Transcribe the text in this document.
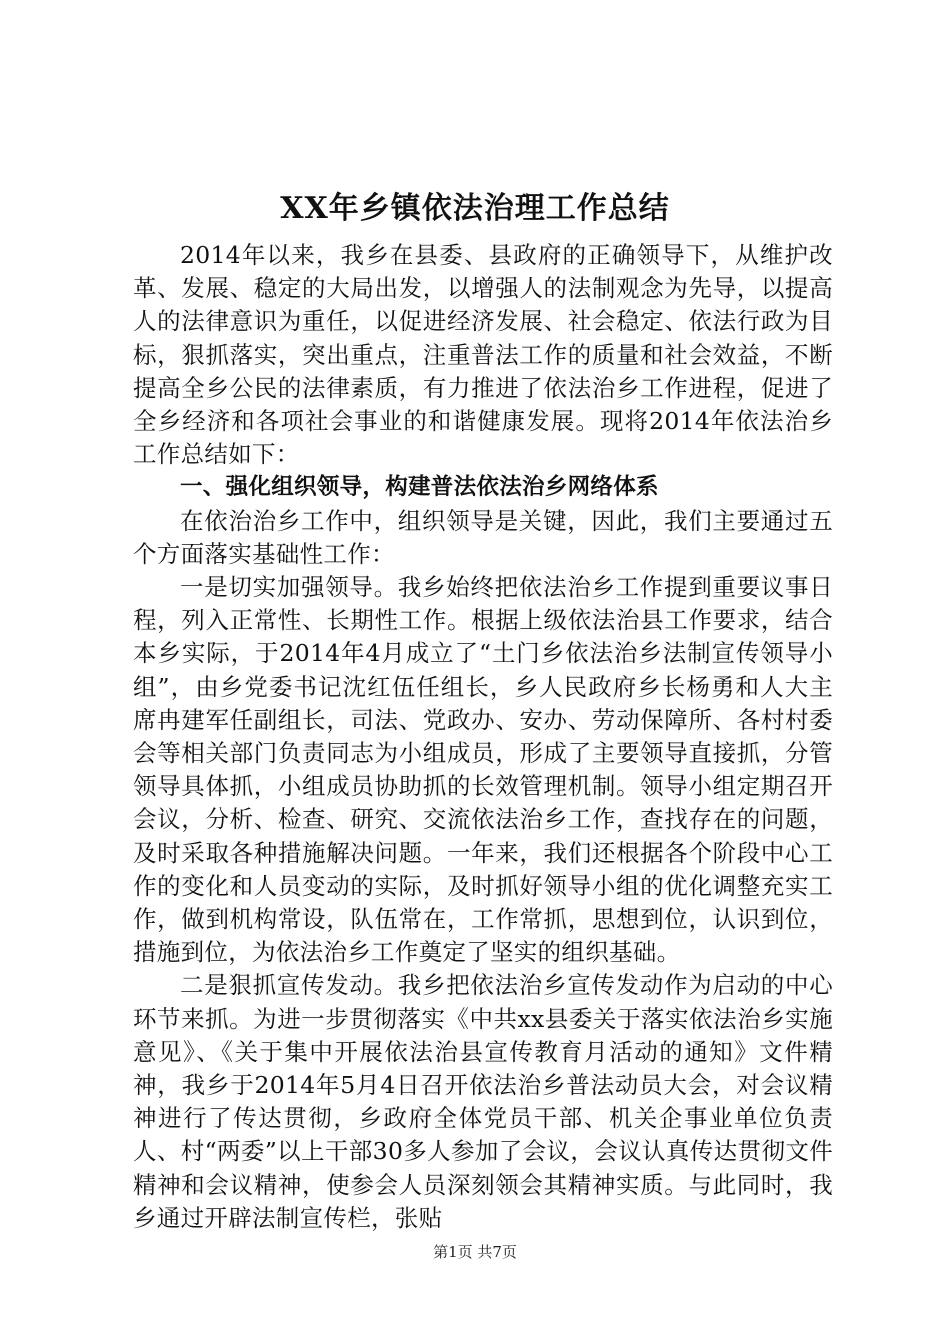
XX年乡镇依法治理工作总结

2014年以来，我乡在县委、县政府的正确领导下，从维护改革、发展、稳定的大局出发，以增强人的法制观念为先导，以提高人的法律意识为重任，以促进经济发展、社会稳定、依法行政为目标，狠抓落实，突出重点，注重普法工作的质量和社会效益，不断提高全乡公民的法律素质，有力推进了依法治乡工作进程，促进了全乡经济和各项社会事业的和谐健康发展。现将2014年依法治乡工作总结如下：

一、强化组织领导，构建普法依法治乡网络体系

在依治治乡工作中，组织领导是关键，因此，我们主要通过五个方面落实基础性工作：

一是切实加强领导。我乡始终把依法治乡工作提到重要议事日程，列入正常性、长期性工作。根据上级依法治县工作要求，结合本乡实际，于2014年4月成立了“土门乡依法治乡法制宣传领导小组”，由乡党委书记沈红伍任组长，乡人民政府乡长杨勇和人大主席冉建军任副组长，司法、党政办、安办、劳动保障所、各村村委会等相关部门负责同志为小组成员，形成了主要领导直接抓，分管领导具体抓，小组成员协助抓的长效管理机制。领导小组定期召开会议，分析、检查、研究、交流依法治乡工作，查找存在的问题，及时采取各种措施解决问题。一年来，我们还根据各个阶段中心工作的变化和人员变动的实际，及时抓好领导小组的优化调整充实工作，做到机构常设，队伍常在，工作常抓，思想到位，认识到位，措施到位，为依法治乡工作奠定了坚实的组织基础。

二是狠抓宣传发动。我乡把依法治乡宣传发动作为启动的中心环节来抓。为进一步贯彻落实《中共xx县委关于落实依法治乡实施意见》、《关于集中开展依法治县宣传教育月活动的通知》文件精神，我乡于2014年5月4日召开依法治乡普法动员大会，对会议精神进行了传达贯彻，乡政府全体党员干部、机关企事业单位负责人、村“两委”以上干部30多人参加了会议，会议认真传达贯彻文件精神和会议精神，使参会人员深刻领会其精神实质。与此同时，我乡通过开辟法制宣传栏，张贴

第1页 共7页
